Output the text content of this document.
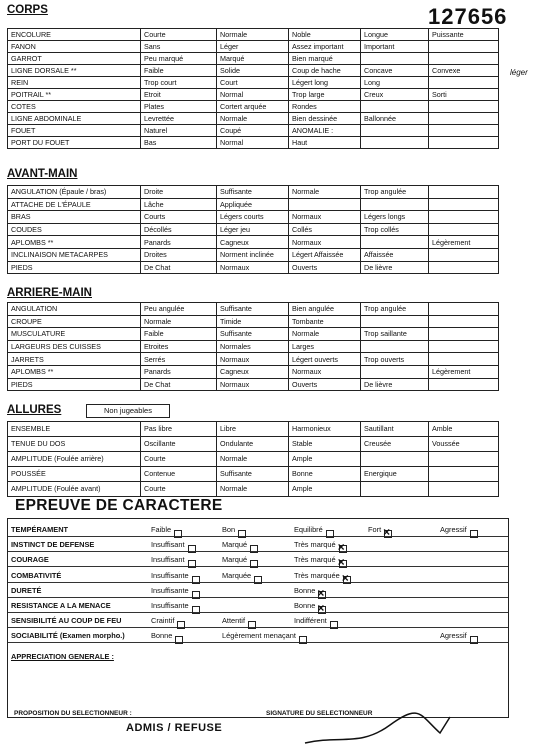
127656
CORPS
ENCOLURE	Courte	Normale	Noble	Longue	Puissante
FANON	Sans	Léger	Assez important	Important	
GARROT	Peu marqué	Marqué	Bien marqué		
LIGNE DORSALE **	Faible	Solide	Coup de hache	Concave	Convexe
REIN	Trop court	Court	Légert long	Long	
POITRAIL **	Etroit	Normal	Trop large	Creux	Sorti
COTES	Plates	Cortert arquée	Rondes		
LIGNE ABDOMINALE	Levrettée	Normale	Bien dessinée	Ballonnée	
FOUET	Naturel	Coupé	ANOMALIE :		
PORT DU FOUET	Bas	Normal	Haut		
AVANT-MAIN
ANGULATION (Épaule / bras)	Droite	Suffisante	Normale	Trop angulée	
ATTACHE DE L'ÉPAULE	Lâche	Appliquée			
BRAS	Courts	Légers courts	Normaux	Légers longs	
COUDES	Décollés	Léger jeu	Collés	Trop collés	
APLOMBS **	Panards	Cagneux	Normaux		Légèrement
INCLINAISON METACARPES	Droites	Norment inclinée	Légert Affaissée	Affaissée	
PIEDS	De Chat	Normaux	Ouverts	De lièvre	
ARRIERE-MAIN
ANGULATION	Peu angulée	Suffisante	Bien angulée	Trop angulée	
CROUPE	Normale	Timide	Tombante		
MUSCULATURE	Faible	Suffisante	Normale	Trop saillante	
LARGEURS DES CUISSES	Etroites	Normales	Larges		
JARRETS	Serrés	Normaux	Légert ouverts	Trop ouverts	
APLOMBS **	Panards	Cagneux	Normaux		Légèrement
PIEDS	De Chat	Normaux	Ouverts	De lièvre	
ALLURES	Non jugeables
ENSEMBLE	Pas libre	Libre	Harmonieux	Sautillant	Amble
TENUE DU DOS	Oscillante	Ondulante	Stable	Creusée	Voussée
AMPLITUDE (Foulée arrière)	Courte	Normale	Ample		
POUSSÉE	Contenue	Suffisante	Bonne	Energique	
AMPLITUDE (Foulée avant)	Courte	Normale	Ample		
EPREUVE DE CARACTERE
TEMPÉRAMENT	Faible	Bon	Equilibré	Fort×	Agressif
INSTINCT DE DEFENSE	Insuffisant	Marqué	Très marqué×
COURAGE	Insuffisant	Marqué	Très marqué×
COMBATIVITÉ	Insuffisante	Marquée	Très marquée×
DURETÉ	Insuffisante	Bonne×
RESISTANCE A LA MENACE	Insuffisante	Bonne×
SENSIBILITÉ AU COUP DE FEU	Craintif	Attentif	Indifférent
SOCIABILITÉ (Examen morpho.)	Bonne	Légèrement menaçant	Agressif
APPRECIATION GENERALE :
PROPOSITION DU SELECTIONNEUR :
ADMIS / REFUSE
SIGNATURE DU SELECTIONNEUR
léger
